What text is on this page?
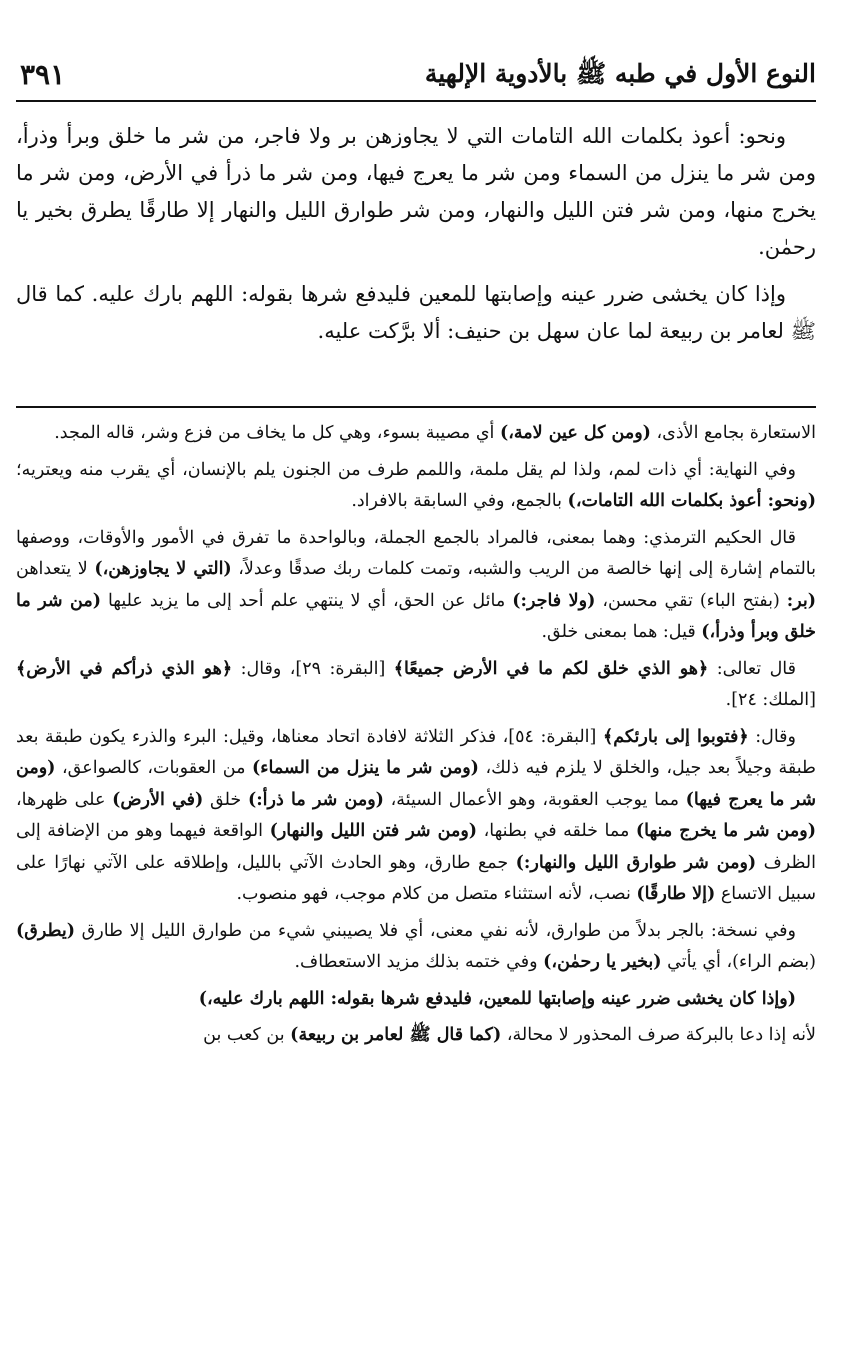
النوع الأول في طبه ﷺ بالأدوية الإلهية
٣٩١

ونحو: أعوذ بكلمات الله التامات التي لا يجاوزهن بر ولا فاجر، من شر ما خلق وبرأ وذرأ، ومن شر ما ينزل من السماء ومن شر ما يعرج فيها، ومن شر ما ذرأ في الأرض، ومن شر ما يخرج منها، ومن شر فتن الليل والنهار، ومن شر طوارق الليل والنهار إلا طارقًا يطرق بخير يا رحمٰن.

وإذا كان يخشى ضرر عينه وإصابتها للمعين فليدفع شرها بقوله: اللهم بارك عليه. كما قال ﷺ لعامر بن ربيعة لما عان سهل بن حنيف: ألا برَّكت عليه.

الاستعارة بجامع الأذى، (ومن كل عين لامة،) أي مصيبة بسوء، وهي كل ما يخاف من فزع وشر، قاله المجد.

وفي النهاية: أي ذات لمم، ولذا لم يقل ملمة، واللمم طرف من الجنون يلم بالإنسان، أي يقرب منه ويعتريه؛ (ونحو: أعوذ بكلمات الله التامات،) بالجمع، وفي السابقة بالافراد.

قال الحكيم الترمذي: وهما بمعنى، فالمراد بالجمع الجملة، وبالواحدة ما تفرق في الأمور والأوقات، ووصفها بالتمام إشارة إلى إنها خالصة من الريب والشبه، وتمت كلمات ربك صدقًا وعدلاً، (التي لا يجاوزهن،) لا يتعداهن (بر: (بفتح الباء) تقي محسن، (ولا فاجر:) مائل عن الحق، أي لا ينتهي علم أحد إلى ما يزيد عليها (من شر ما خلق وبرأ وذرأ،) قيل: هما بمعنى خلق.

قال تعالى: ﴿هو الذي خلق لكم ما في الأرض جميعًا﴾ [البقرة: ٢٩]، وقال: ﴿هو الذي ذرأكم في الأرض﴾ [الملك: ٢٤].

وقال: ﴿فتوبوا إلى بارئكم﴾ [البقرة: ٥٤]، فذكر الثلاثة لافادة اتحاد معناها، وقيل: البرء والذرء يكون طبقة بعد طبقة وجيلاً بعد جيل، والخلق لا يلزم فيه ذلك، (ومن شر ما ينزل من السماء) من العقوبات، كالصواعق، (ومن شر ما يعرج فيها) مما يوجب العقوبة، وهو الأعمال السيئة، (ومن شر ما ذرأ:) خلق (في الأرض) على ظهرها، (ومن شر ما يخرج منها) مما خلقه في بطنها، (ومن شر فتن الليل والنهار) الواقعة فيهما وهو من الإضافة إلى الظرف (ومن شر طوارق الليل والنهار:) جمع طارق، وهو الحادث الآتي بالليل، وإطلاقه على الآتي نهارًا على سبيل الاتساع (إلا طارقًا) نصب، لأنه استثناء متصل من كلام موجب، فهو منصوب.

وفي نسخة: بالجر بدلاً من طوارق، لأنه نفي معنى، أي فلا يصيبني شيء من طوارق الليل إلا طارق (يطرق) (بضم الراء)، أي يأتي (بخير يا رحمٰن،) وفي ختمه بذلك مزيد الاستعطاف.

(وإذا كان يخشى ضرر عينه وإصابتها للمعين، فليدفع شرها بقوله: اللهم بارك عليه،)

لأنه إذا دعا بالبركة صرف المحذور لا محالة، (كما قال ﷺ لعامر بن ربيعة) بن كعب بن
